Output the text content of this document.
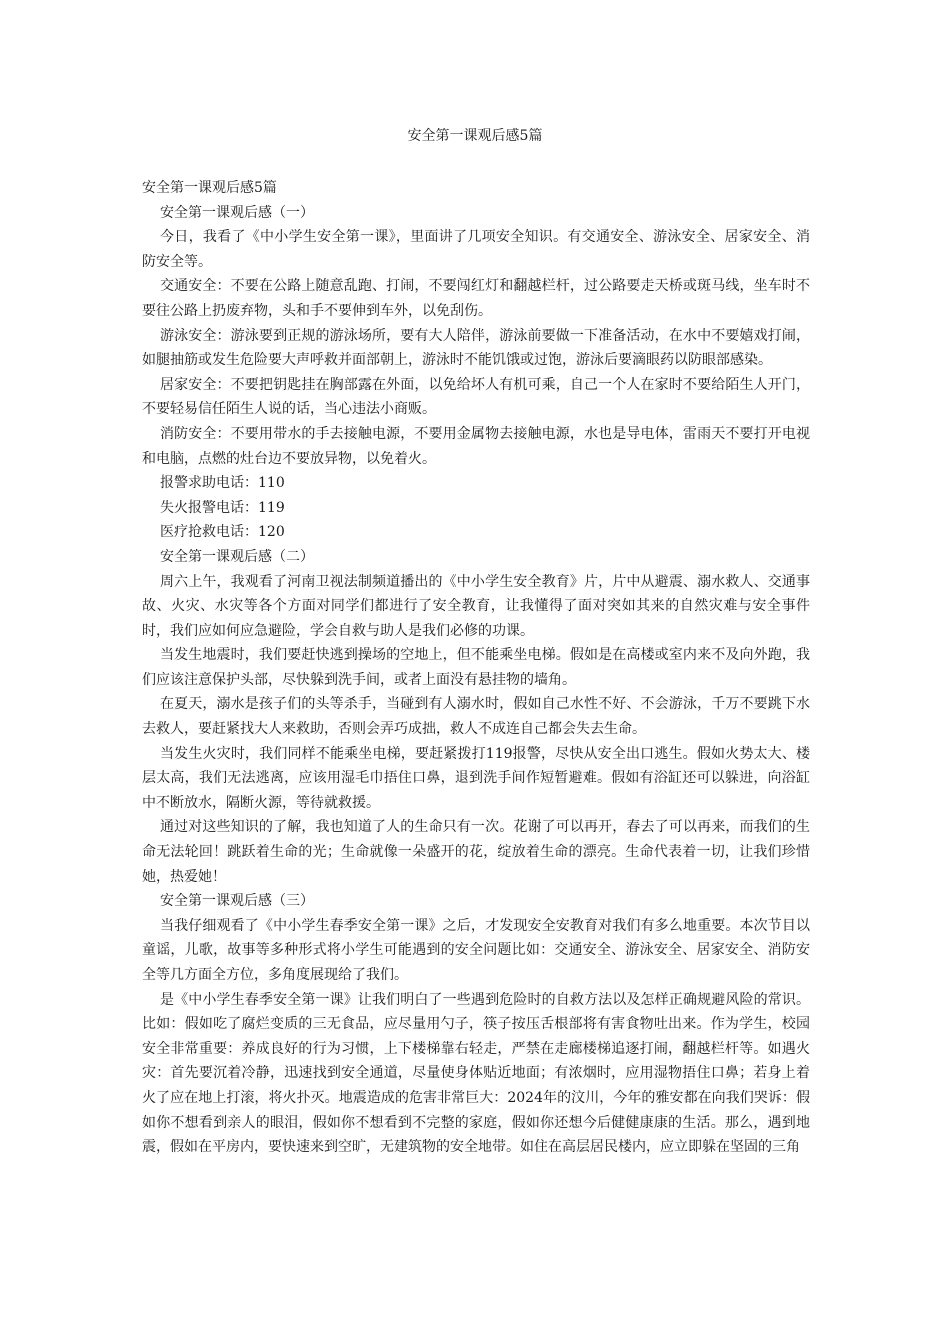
安全第一课观后感5篇

安全第一课观后感5篇

安全第一课观后感（一）

今日，我看了《中小学生安全第一课》，里面讲了几项安全知识。有交通安全、游泳安全、居家安全、消防安全等。

交通安全：不要在公路上随意乱跑、打闹，不要闯红灯和翻越栏杆，过公路要走天桥或斑马线，坐车时不要往公路上扔废弃物，头和手不要伸到车外，以免刮伤。

游泳安全：游泳要到正规的游泳场所，要有大人陪伴，游泳前要做一下准备活动，在水中不要嬉戏打闹，如腿抽筋或发生危险要大声呼救并面部朝上，游泳时不能饥饿或过饱，游泳后要滴眼药以防眼部感染。

居家安全：不要把钥匙挂在胸部露在外面，以免给坏人有机可乘，自己一个人在家时不要给陌生人开门，不要轻易信任陌生人说的话，当心违法小商贩。

消防安全：不要用带水的手去接触电源，不要用金属物去接触电源，水也是导电体，雷雨天不要打开电视和电脑，点燃的灶台边不要放异物，以免着火。

报警求助电话：110

失火报警电话：119

医疗抢救电话：120

安全第一课观后感（二）

周六上午，我观看了河南卫视法制频道播出的《中小学生安全教育》片，片中从避震、溺水救人、交通事故、火灾、水灾等各个方面对同学们都进行了安全教育，让我懂得了面对突如其来的自然灾难与安全事件时，我们应如何应急避险，学会自救与助人是我们必修的功课。

当发生地震时，我们要赶快逃到操场的空地上，但不能乘坐电梯。假如是在高楼或室内来不及向外跑，我们应该注意保护头部，尽快躲到洗手间，或者上面没有悬挂物的墙角。

在夏天，溺水是孩子们的头等杀手，当碰到有人溺水时，假如自己水性不好、不会游泳，千万不要跳下水去救人，要赶紧找大人来救助，否则会弄巧成拙，救人不成连自己都会失去生命。

当发生火灾时，我们同样不能乘坐电梯，要赶紧拨打119报警，尽快从安全出口逃生。假如火势太大、楼层太高，我们无法逃离，应该用湿毛巾捂住口鼻，退到洗手间作短暂避难。假如有浴缸还可以躲进，向浴缸中不断放水，隔断火源，等待就救援。

通过对这些知识的了解，我也知道了人的生命只有一次。花谢了可以再开，春去了可以再来，而我们的生命无法轮回！跳跃着生命的光；生命就像一朵盛开的花，绽放着生命的漂亮。生命代表着一切，让我们珍惜她，热爱她！

安全第一课观后感（三）

当我仔细观看了《中小学生春季安全第一课》之后，才发现安全安教育对我们有多么地重要。本次节目以童谣，儿歌，故事等多种形式将小学生可能遇到的安全问题比如：交通安全、游泳安全、居家安全、消防安全等几方面全方位，多角度展现给了我们。

是《中小学生春季安全第一课》让我们明白了一些遇到危险时的自救方法以及怎样正确规避风险的常识。比如：假如吃了腐烂变质的三无食品，应尽量用勺子，筷子按压舌根部将有害食物吐出来。作为学生，校园安全非常重要：养成良好的行为习惯，上下楼梯靠右轻走，严禁在走廊楼梯追逐打闹，翻越栏杆等。如遇火灾：首先要沉着冷静，迅速找到安全通道，尽量使身体贴近地面；有浓烟时，应用湿物捂住口鼻；若身上着火了应在地上打滚，将火扑灭。地震造成的危害非常巨大：2024年的汶川，今年的雅安都在向我们哭诉：假如你不想看到亲人的眼泪，假如你不想看到不完整的家庭，假如你还想今后健健康康的生活。那么，遇到地震，假如在平房内，要快速来到空旷，无建筑物的安全地带。如住在高层居民楼内，应立即躲在坚固的三角
